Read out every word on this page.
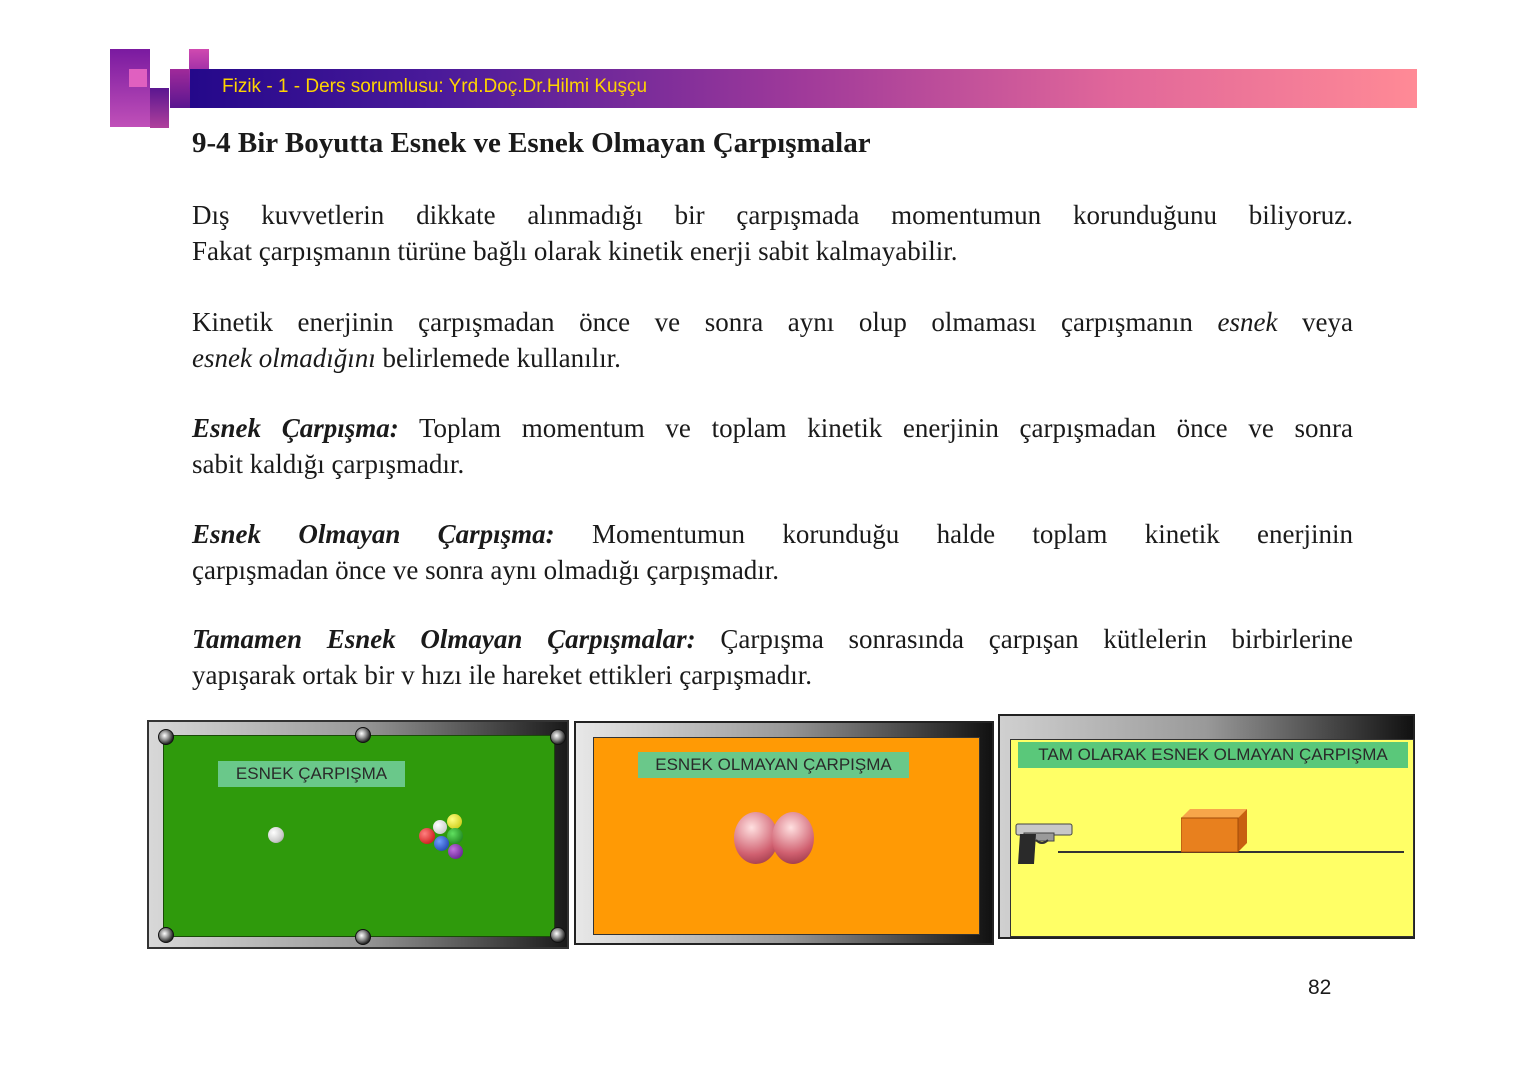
Fizik - 1 - Ders sorumlusu: Yrd.Doç.Dr.Hilmi Kuşçu
9-4 Bir Boyutta Esnek ve Esnek Olmayan Çarpışmalar
Dış kuvvetlerin dikkate alınmadığı bir çarpışmada momentumun korunduğunu biliyoruz.
Fakat çarpışmanın türüne bağlı olarak kinetik enerji sabit kalmayabilir.
Kinetik enerjinin çarpışmadan önce ve sonra aynı olup olmaması çarpışmanın esnek veya
esnek olmadığını belirlemede kullanılır.
Esnek Çarpışma: Toplam momentum ve toplam kinetik enerjinin çarpışmadan önce ve sonra
sabit kaldığı çarpışmadır.
Esnek Olmayan Çarpışma: Momentumun korunduğu halde toplam kinetik enerjinin
çarpışmadan önce ve sonra aynı olmadığı çarpışmadır.
Tamamen Esnek Olmayan Çarpışmalar: Çarpışma sonrasında çarpışan kütlelerin birbirlerine
yapışarak ortak bir v hızı ile hareket ettikleri çarpışmadır.
ESNEK ÇARPIŞMA	ESNEK OLMAYAN ÇARPIŞMA
TAM OLARAK ESNEK OLMAYAN ÇARPIŞMA
82
